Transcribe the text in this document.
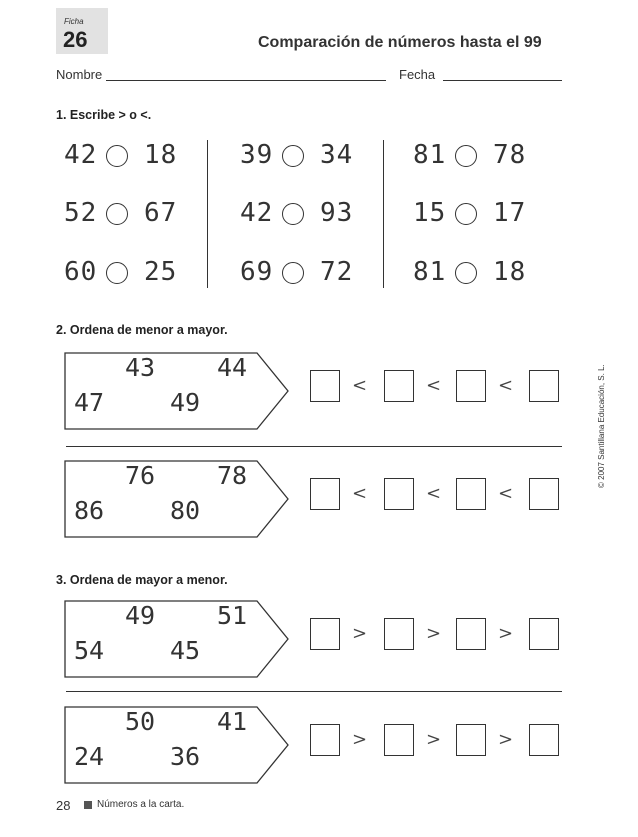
Ficha
26	Comparación de números hasta el 99
Nombre	Fecha
1. Escribe > o <.
42 18 39 34 81 78
52 67 42 93 15 17
60 25 69 72 81 18
2. Ordena de menor a mayor.
43 44
47	49
<	<	<
76 78
86	80
<	<	<
3. Ordena de mayor a menor.
49 51
54	45
>	>	>
50 41
24	36
>	>	>
© 2007 Santillana Educación, S. L.
28	Números a la carta.
